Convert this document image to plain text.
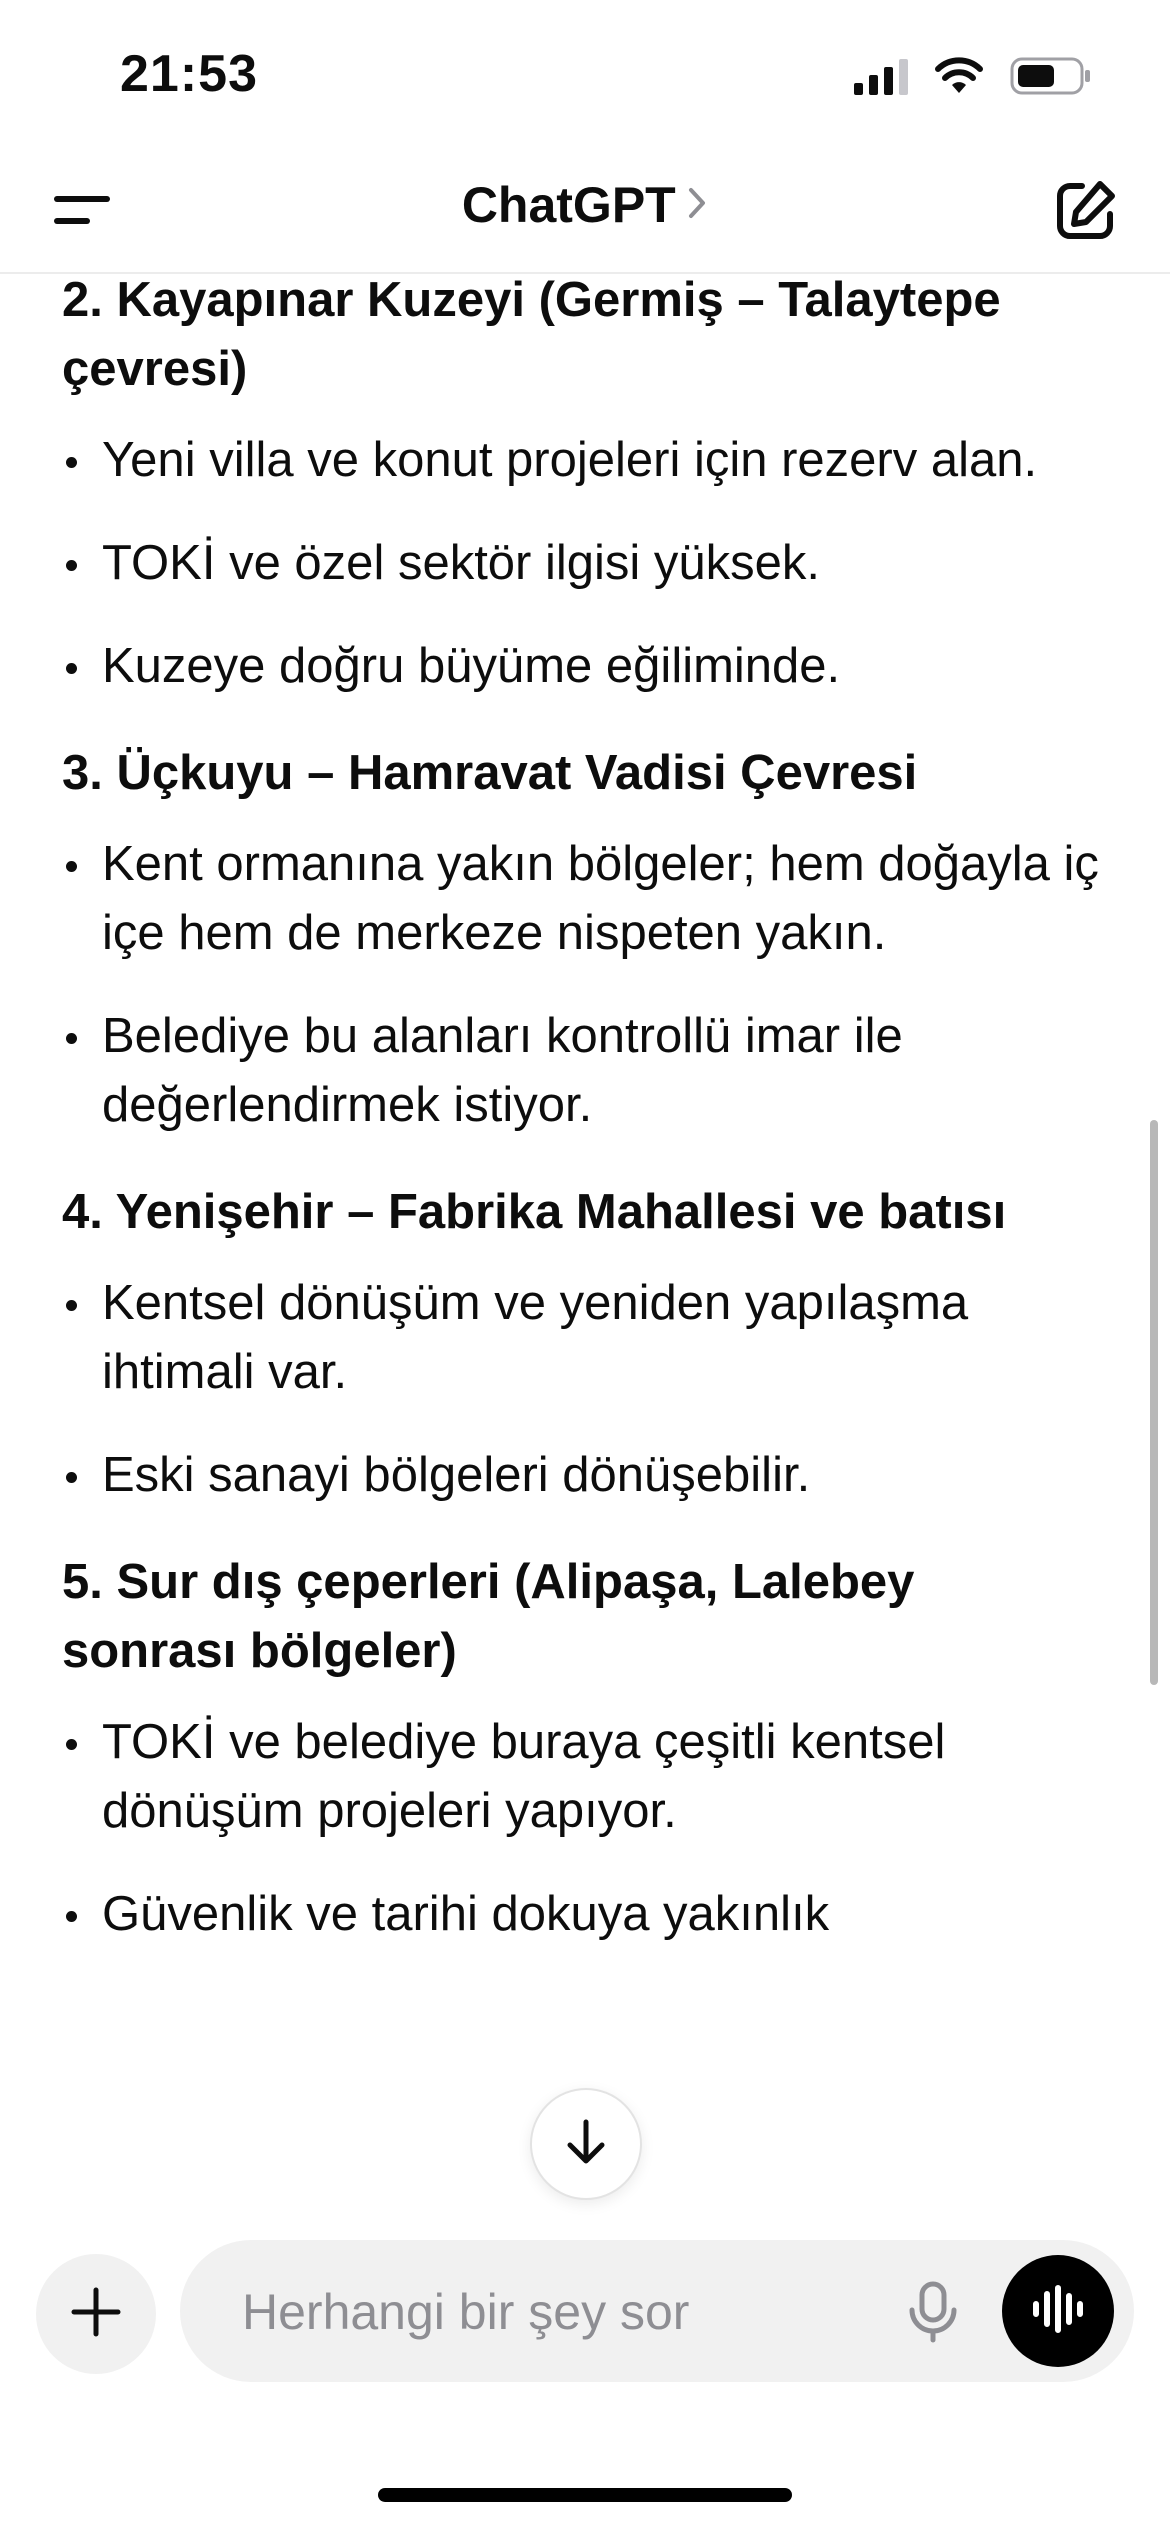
21:53
ChatGPT
2. Kayapınar Kuzeyi (Germiş – Talaytepe çevresi)
Yeni villa ve konut projeleri için rezerv alan.
TOKİ ve özel sektör ilgisi yüksek.
Kuzeye doğru büyüme eğiliminde.
3. Üçkuyu – Hamravat Vadisi Çevresi
Kent ormanına yakın bölgeler; hem doğayla iç içe hem de merkeze nispeten yakın.
Belediye bu alanları kontrollü imar ile değerlendirmek istiyor.
4. Yenişehir – Fabrika Mahallesi ve batısı
Kentsel dönüşüm ve yeniden yapılaşma ihtimali var.
Eski sanayi bölgeleri dönüşebilir.
5. Sur dış çeperleri (Alipaşa, Lalebey sonrası bölgeler)
TOKİ ve belediye buraya çeşitli kentsel dönüşüm projeleri yapıyor.
Güvenlik ve tarihi dokuya yakınlık
Herhangi bir şey sor
